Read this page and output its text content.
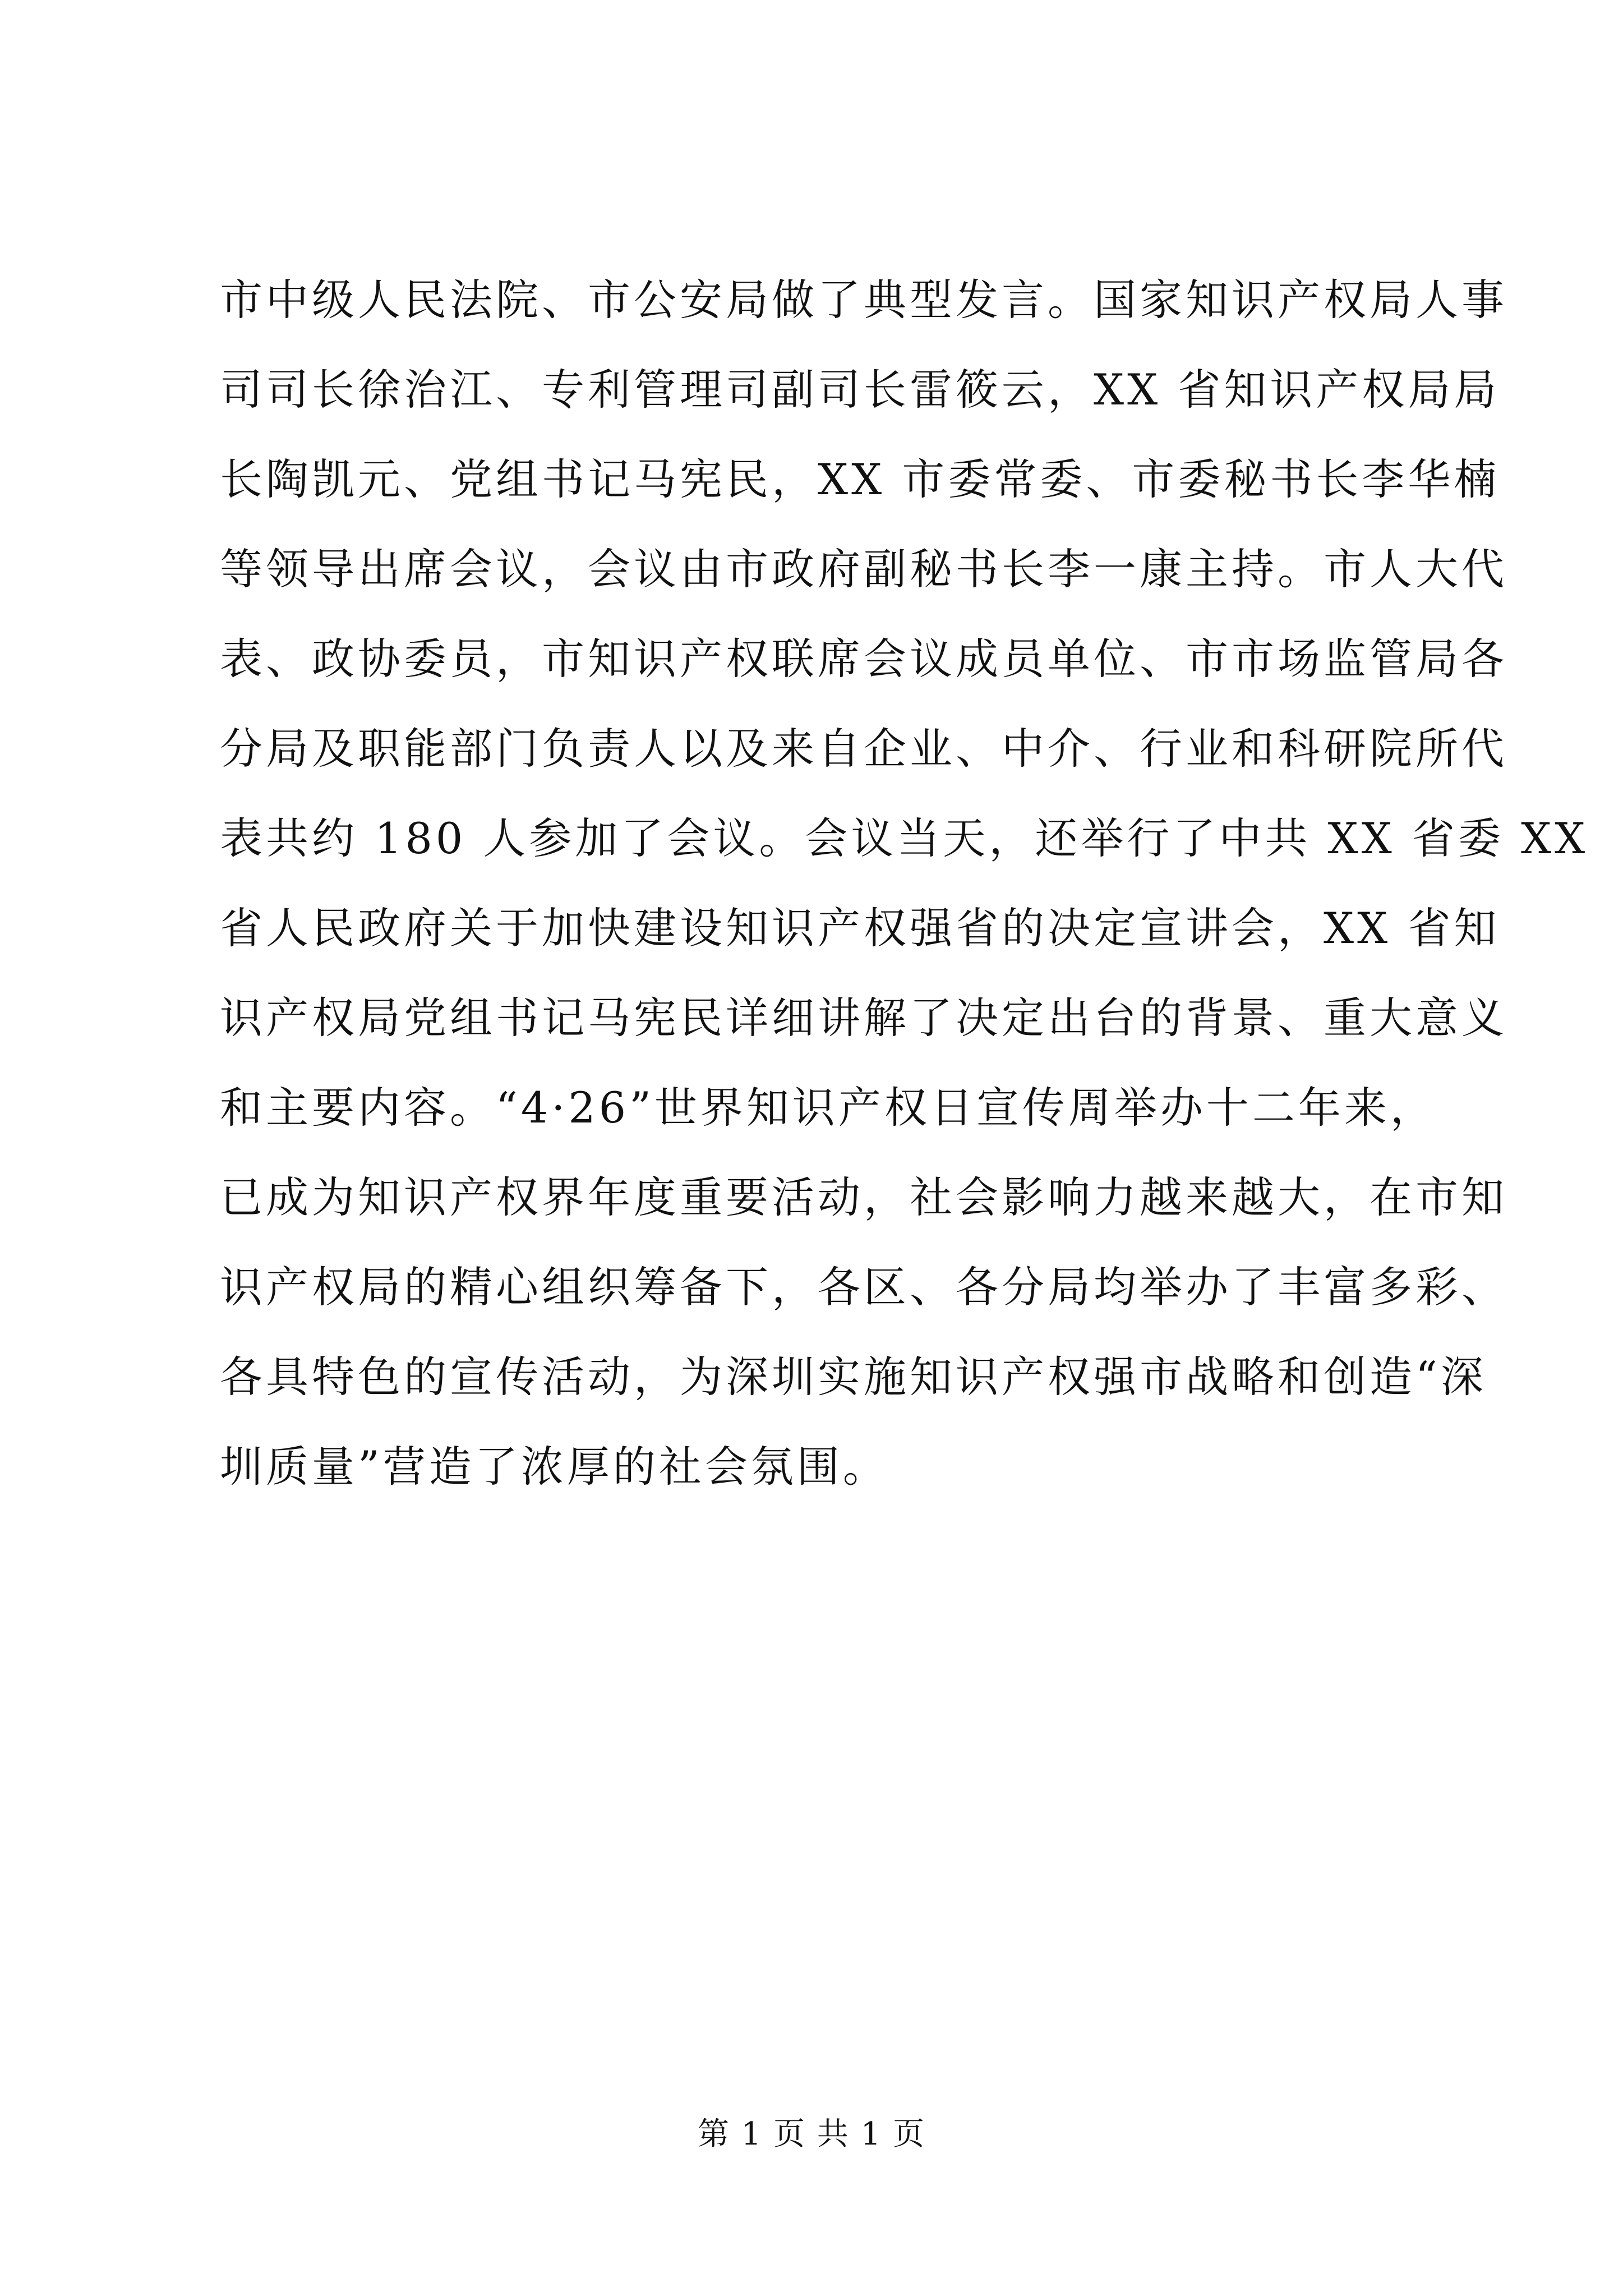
市中级人民法院、市公安局做了典型发言。国家知识产权局人事
司司长徐治江、专利管理司副司长雷筱云，XX 省知识产权局局
长陶凯元、党组书记马宪民，XX 市委常委、市委秘书长李华楠
等领导出席会议，会议由市政府副秘书长李一康主持。市人大代
表、政协委员，市知识产权联席会议成员单位、市市场监管局各
分局及职能部门负责人以及来自企业、中介、行业和科研院所代
表共约 180 人参加了会议。会议当天，还举行了中共 XX 省委 XX
省人民政府关于加快建设知识产权强省的决定宣讲会，XX 省知
识产权局党组书记马宪民详细讲解了决定出台的背景、重大意义
和主要内容。“4·26”世界知识产权日宣传周举办十二年来，
已成为知识产权界年度重要活动，社会影响力越来越大，在市知
识产权局的精心组织筹备下，各区、各分局均举办了丰富多彩、
各具特色的宣传活动，为深圳实施知识产权强市战略和创造“深
圳质量”营造了浓厚的社会氛围。
第 1 页 共 1 页
